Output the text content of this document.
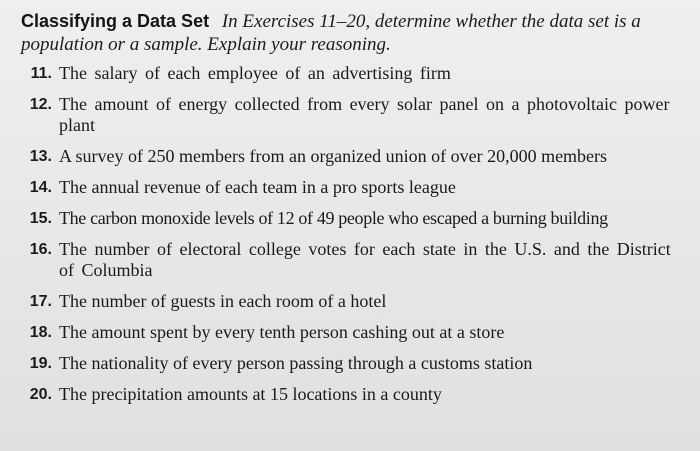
Classifying a Data Set In Exercises 11–20, determine whether the data set is a population or a sample. Explain your reasoning.
11. The salary of each employee of an advertising firm
12. The amount of energy collected from every solar panel on a photovoltaic power plant
13. A survey of 250 members from an organized union of over 20,000 members
14. The annual revenue of each team in a pro sports league
15. The carbon monoxide levels of 12 of 49 people who escaped a burning building
16. The number of electoral college votes for each state in the U.S. and the District of Columbia
17. The number of guests in each room of a hotel
18. The amount spent by every tenth person cashing out at a store
19. The nationality of every person passing through a customs station
20. The precipitation amounts at 15 locations in a county
